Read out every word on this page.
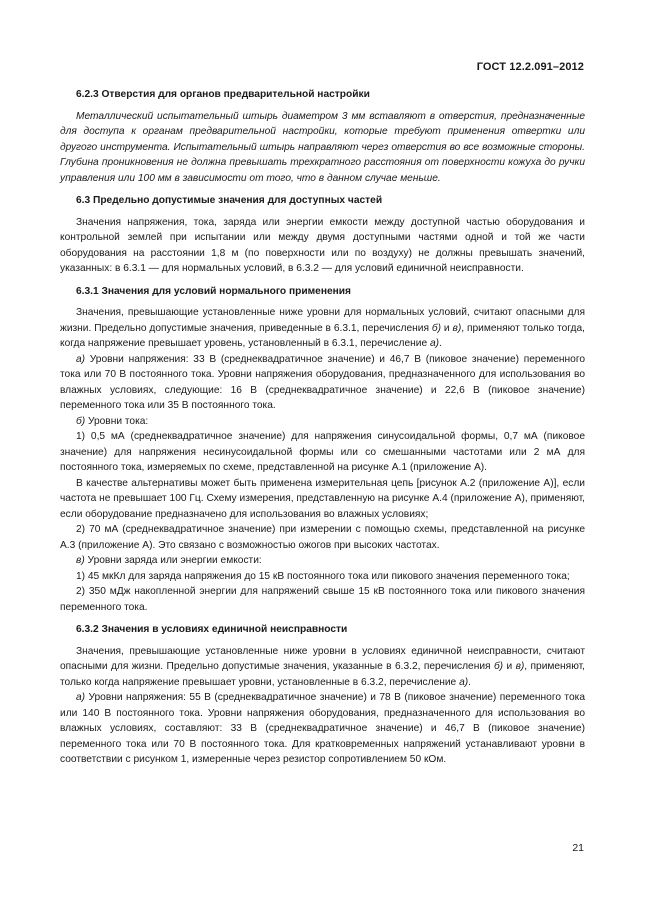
ГОСТ 12.2.091–2012
6.2.3 Отверстия для органов предварительной настройки

Металлический испытательный штырь диаметром 3 мм вставляют в отверстия, предназначенные для доступа к органам предварительной настройки, которые требуют применения отвертки или другого инструмента. Испытательный штырь направляют через отверстия во все возможные стороны. Глубина проникновения не должна превышать трехкратного расстояния от поверхности кожуха до ручки управления или 100 мм в зависимости от того, что в данном случае меньше.

6.3 Предельно допустимые значения для доступных частей

Значения напряжения, тока, заряда или энергии емкости между доступной частью оборудования и контрольной землей при испытании или между двумя доступными частями одной и той же части оборудования на расстоянии 1,8 м (по поверхности или по воздуху) не должны превышать значений, указанных: в 6.3.1 — для нормальных условий, в 6.3.2 — для условий единичной неисправности.

6.3.1 Значения для условий нормального применения

Значения, превышающие установленные ниже уровни для нормальных условий, считают опасными для жизни. Предельно допустимые значения, приведенные в 6.3.1, перечисления б) и в), применяют только тогда, когда напряжение превышает уровень, установленный в 6.3.1, перечисление а).

а) Уровни напряжения: 33 В (среднеквадратичное значение) и 46,7 В (пиковое значение) переменного тока или 70 В постоянного тока. Уровни напряжения оборудования, предназначенного для использования во влажных условиях, следующие: 16 В (среднеквадратичное значение) и 22,6 В (пиковое значение) переменного тока или 35 В постоянного тока.

б) Уровни тока:

1) 0,5 мА (среднеквадратичное значение) для напряжения синусоидальной формы, 0,7 мА (пиковое значение) для напряжения несинусоидальной формы или со смешанными частотами или 2 мА для постоянного тока, измеряемых по схеме, представленной на рисунке А.1 (приложение А).

В качестве альтернативы может быть применена измерительная цепь [рисунок А.2 (приложение А)], если частота не превышает 100 Гц. Схему измерения, представленную на рисунке А.4 (приложение А), применяют, если оборудование предназначено для использования во влажных условиях;

2) 70 мА (среднеквадратичное значение) при измерении с помощью схемы, представленной на рисунке А.3 (приложение А). Это связано с возможностью ожогов при высоких частотах.

в) Уровни заряда или энергии емкости:

1) 45 мкКл для заряда напряжения до 15 кВ постоянного тока или пикового значения переменного тока;

2) 350 мДж накопленной энергии для напряжений свыше 15 кВ постоянного тока или пикового значения переменного тока.

6.3.2 Значения в условиях единичной неисправности

Значения, превышающие установленные ниже уровни в условиях единичной неисправности, считают опасными для жизни. Предельно допустимые значения, указанные в 6.3.2, перечисления б) и в), применяют, только когда напряжение превышает уровни, установленные в 6.3.2, перечисление а).

а) Уровни напряжения: 55 В (среднеквадратичное значение) и 78 В (пиковое значение) переменного тока или 140 В постоянного тока. Уровни напряжения оборудования, предназначенного для использования во влажных условиях, составляют: 33 В (среднеквадратичное значение) и 46,7 В (пиковое значение) переменного тока или 70 В постоянного тока. Для кратковременных напряжений устанавливают уровни в соответствии с рисунком 1, измеренные через резистор сопротивлением 50 кОм.

21
